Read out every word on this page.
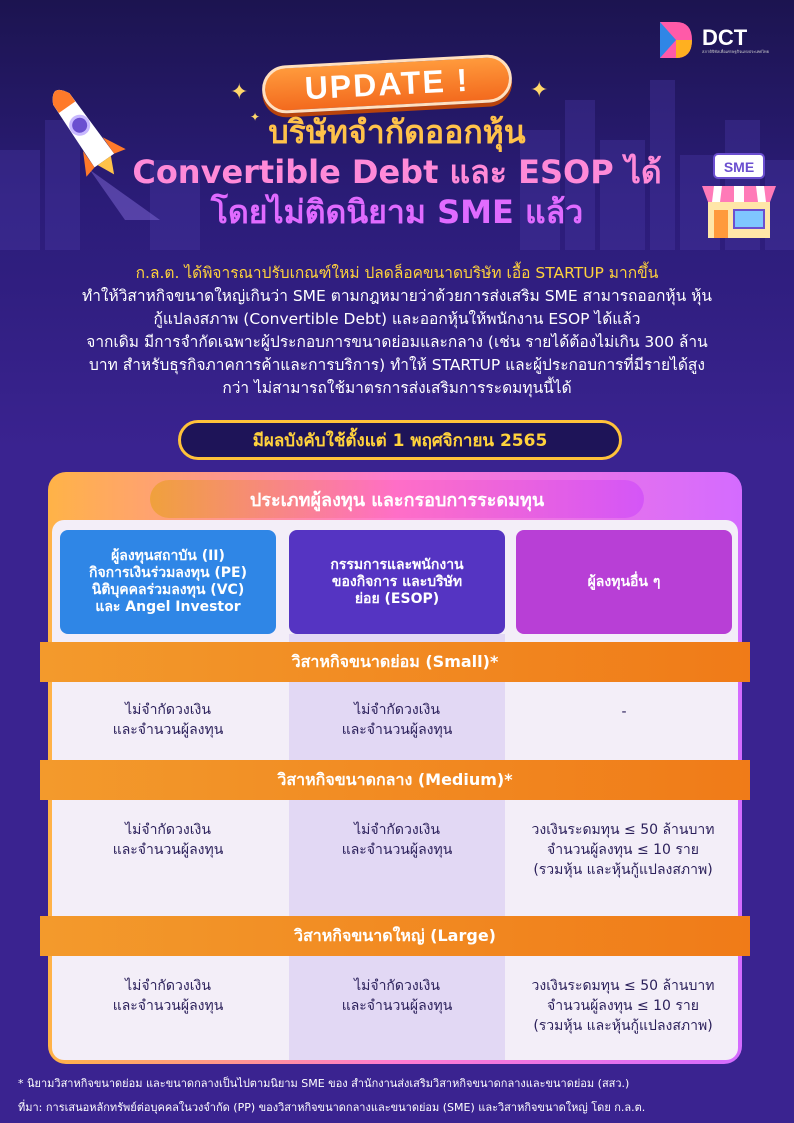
DCT
สภาดิจิทัลเพื่อเศรษฐกิจแห่งประเทศไทย
✦	✦
✦
UPDATE !
บริษัทจำกัดออกหุ้น
Convertible Debt และ ESOP ได้
โดยไม่ติดนิยาม SME แล้ว
SME
ก.ล.ต. ได้พิจารณาปรับเกณฑ์ใหม่ ปลดล็อคขนาดบริษัท เอื้อ STARTUP มากขึ้น
ทำให้วิสาหกิจขนาดใหญ่เกินว่า SME ตามกฎหมายว่าด้วยการส่งเสริม SME สามารถออกหุ้น หุ้น
กู้แปลงสภาพ (Convertible Debt) และออกหุ้นให้พนักงาน ESOP ได้แล้ว
จากเดิม มีการจำกัดเฉพาะผู้ประกอบการขนาดย่อมและกลาง (เช่น รายได้ต้องไม่เกิน 300 ล้าน
บาท สำหรับธุรกิจภาคการค้าและการบริการ) ทำให้ STARTUP และผู้ประกอบการที่มีรายได้สูง
กว่า ไม่สามารถใช้มาตรการส่งเสริมการระดมทุนนี้ได้
มีผลบังคับใช้ตั้งแต่ 1 พฤศจิกายน 2565
ประเภทผู้ลงทุน และกรอบการระดมทุน
ผู้ลงทุนสถาบัน (II)
กิจการเงินร่วมลงทุน (PE)
นิติบุคคลร่วมลงทุน (VC)
และ Angel Investor
กรรมการและพนักงาน
ของกิจการ และบริษัท
ย่อย (ESOP)
ผู้ลงทุนอื่น ๆ
วิสาหกิจขนาดย่อม (Small)*
ไม่จำกัดวงเงิน
และจำนวนผู้ลงทุน
ไม่จำกัดวงเงิน
และจำนวนผู้ลงทุน
-
วิสาหกิจขนาดกลาง (Medium)*
ไม่จำกัดวงเงิน
และจำนวนผู้ลงทุน
ไม่จำกัดวงเงิน
และจำนวนผู้ลงทุน
วงเงินระดมทุน ≤ 50 ล้านบาท
จำนวนผู้ลงทุน ≤ 10 ราย
(รวมหุ้น และหุ้นกู้แปลงสภาพ)
วิสาหกิจขนาดใหญ่ (Large)
ไม่จำกัดวงเงิน
และจำนวนผู้ลงทุน
ไม่จำกัดวงเงิน
และจำนวนผู้ลงทุน
วงเงินระดมทุน ≤ 50 ล้านบาท
จำนวนผู้ลงทุน ≤ 10 ราย
(รวมหุ้น และหุ้นกู้แปลงสภาพ)
* นิยามวิสาหกิจขนาดย่อม และขนาดกลางเป็นไปตามนิยาม SME ของ สำนักงานส่งเสริมวิสาหกิจขนาดกลางและขนาดย่อม (สสว.)
ที่มา: การเสนอหลักทรัพย์ต่อบุคคลในวงจำกัด (PP) ของวิสาหกิจขนาดกลางและขนาดย่อม (SME) และวิสาหกิจขนาดใหญ่ โดย ก.ล.ต.
